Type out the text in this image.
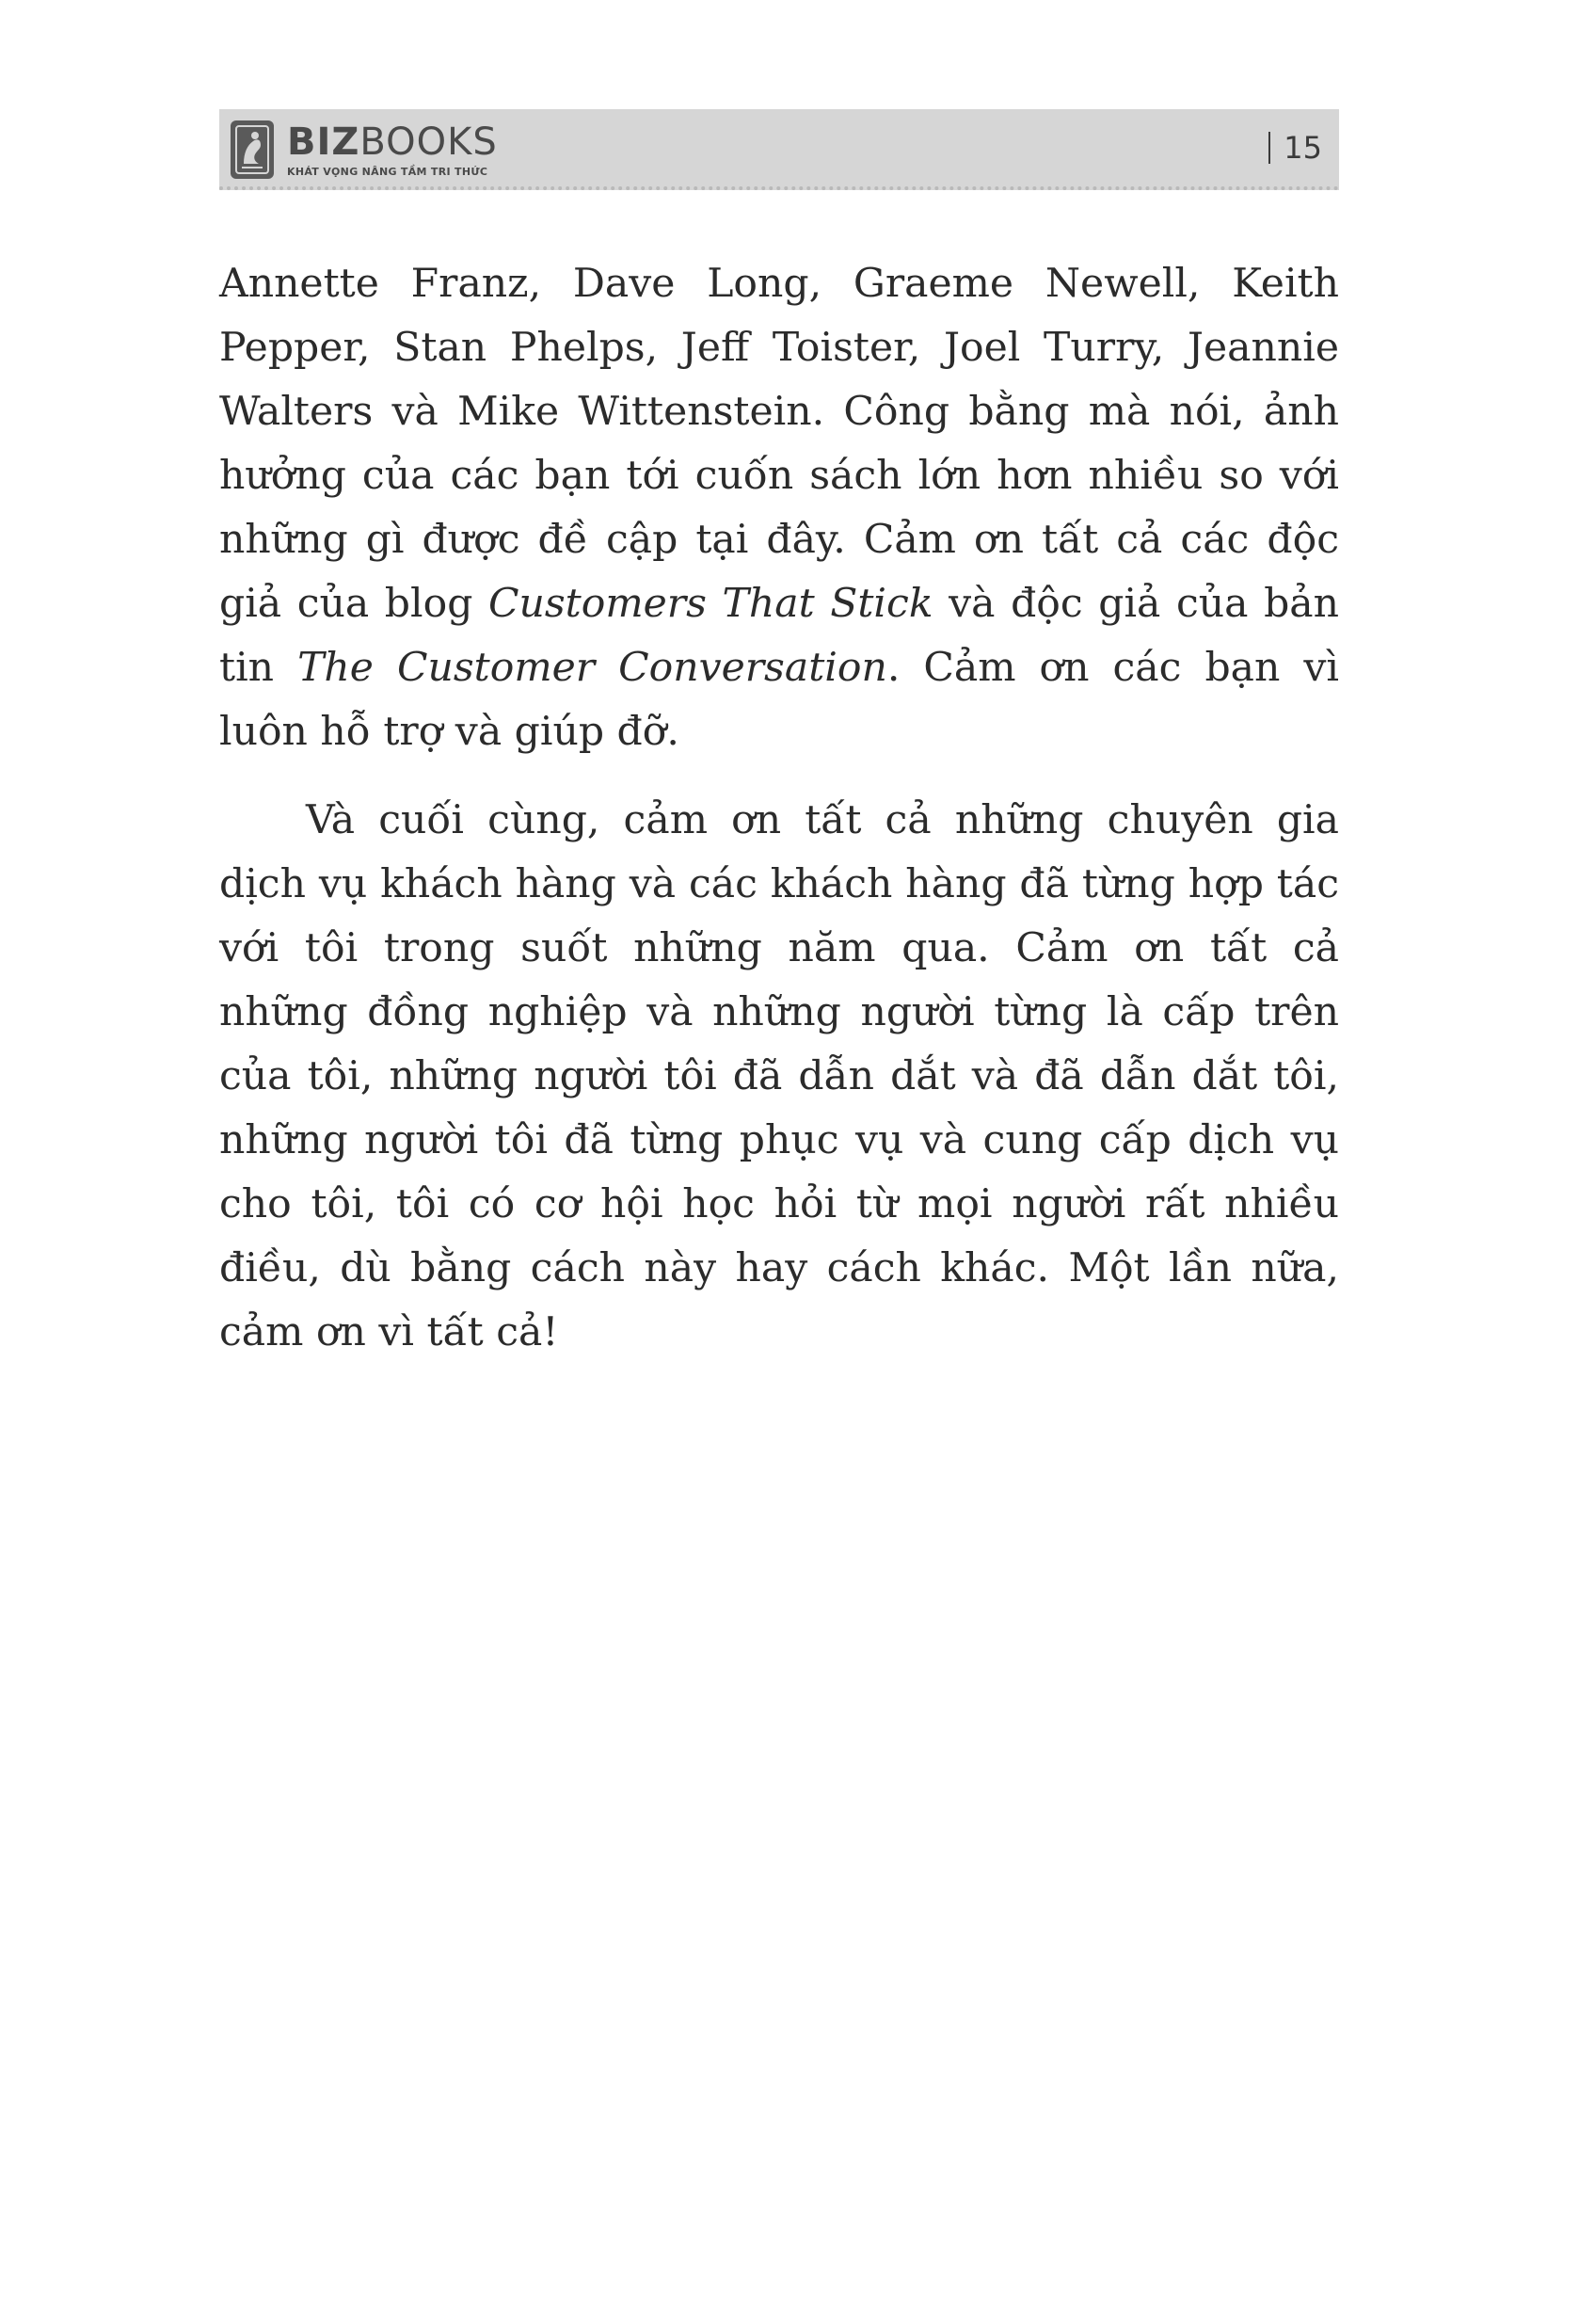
BIZBOOKS
KHÁT VỌNG NÂNG TẦM TRI THỨC
15

Annette Franz, Dave Long, Graeme Newell, Keith Pepper, Stan Phelps, Jeff Toister, Joel Turry, Jeannie Walters và Mike Wittenstein. Công bằng mà nói, ảnh hưởng của các bạn tới cuốn sách lớn hơn nhiều so với những gì được đề cập tại đây. Cảm ơn tất cả các độc giả của blog Customers That Stick và độc giả của bản tin The Customer Conversation. Cảm ơn các bạn vì luôn hỗ trợ và giúp đỡ.

Và cuối cùng, cảm ơn tất cả những chuyên gia dịch vụ khách hàng và các khách hàng đã từng hợp tác với tôi trong suốt những năm qua. Cảm ơn tất cả những đồng nghiệp và những người từng là cấp trên của tôi, những người tôi đã dẫn dắt và đã dẫn dắt tôi, những người tôi đã từng phục vụ và cung cấp dịch vụ cho tôi, tôi có cơ hội học hỏi từ mọi người rất nhiều điều, dù bằng cách này hay cách khác. Một lần nữa, cảm ơn vì tất cả!
